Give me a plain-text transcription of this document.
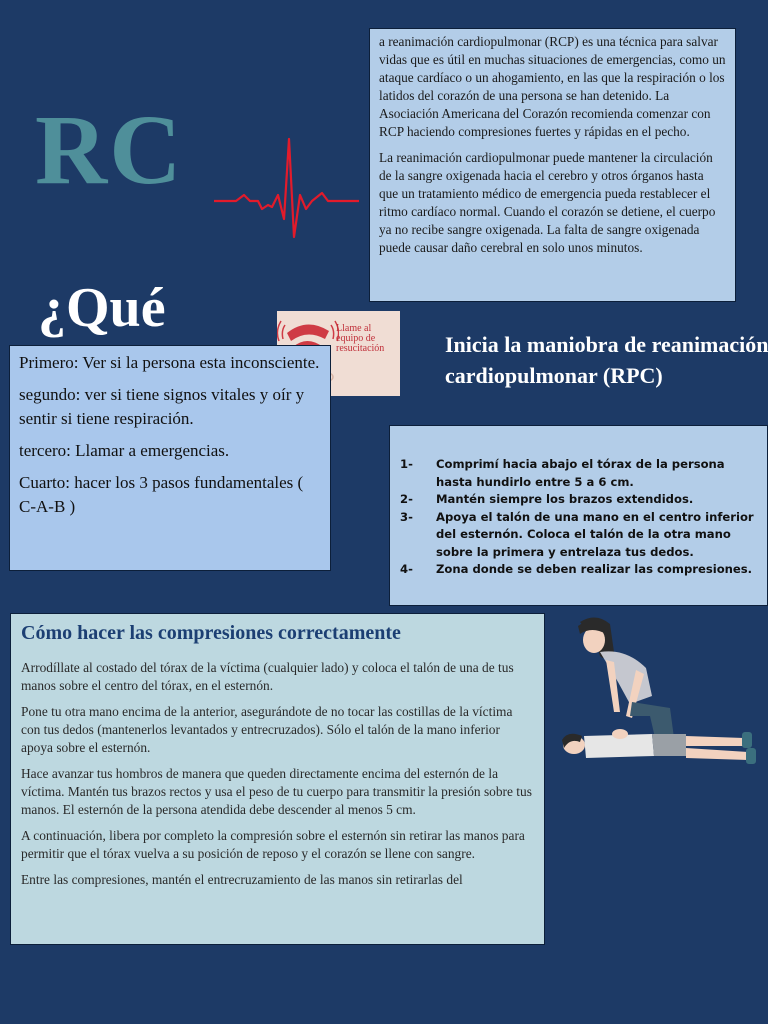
RC
¿Qué

a reanimación cardiopulmonar (RCP) es una técnica para salvar vidas que es útil en muchas situaciones de emergencias, como un ataque cardíaco o un ahogamiento, en las que la respiración o los latidos del corazón de una persona se han detenido. La Asociación Americana del Corazón recomienda comenzar con RCP haciendo compresiones fuertes y rápidas en el pecho.

La reanimación cardiopulmonar puede mantener la circulación de la sangre oxigenada hacia el cerebro y otros órganos hasta que un tratamiento médico de emergencia pueda restablecer el ritmo cardíaco normal. Cuando el corazón se detiene, el cuerpo ya no recibe sangre oxigenada. La falta de sangre oxigenada puede causar daño cerebral en solo unos minutos.

Llame al equipo de resucitación

Primero: Ver si la persona esta inconsciente.

segundo: ver si tiene signos vitales y oír y sentir si tiene respiración.

tercero: Llamar a emergencias.

Cuarto: hacer los 3 pasos fundamentales ( C-A-B )

Inicia la maniobra de reanimación cardiopulmonar (RPC)
1- Comprimí hacia abajo el tórax de la persona hasta hundirlo entre 5 a 6 cm.
2- Mantén siempre los brazos extendidos.
3- Apoya el talón de una mano en el centro inferior del esternón. Coloca el talón de la otra mano sobre la primera y entrelaza tus dedos.
4- Zona donde se deben realizar las compresiones.
Cómo hacer las compresiones correctamente

Arrodíllate al costado del tórax de la víctima (cualquier lado) y coloca el talón de una de tus manos sobre el centro del tórax, en el esternón.

Pone tu otra mano encima de la anterior, asegurándote de no tocar las costillas de la víctima con tus dedos (mantenerlos levantados y entrecruzados). Sólo el talón de la mano inferior apoya sobre el esternón.

Hace avanzar tus hombros de manera que queden directamente encima del esternón de la víctima. Mantén tus brazos rectos y usa el peso de tu cuerpo para transmitir la presión sobre tus manos. El esternón de la persona atendida debe descender al menos 5 cm.

A continuación, libera por completo la compresión sobre el esternón sin retirar las manos para permitir que el tórax vuelva a su posición de reposo y el corazón se llene con sangre.

Entre las compresiones, mantén el entrecruzamiento de las manos sin retirarlas del
